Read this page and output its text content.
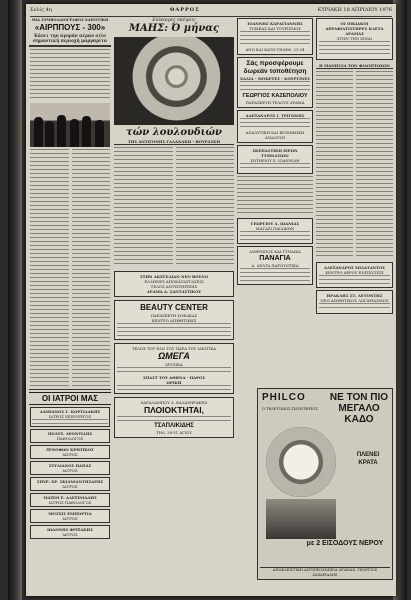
Σελίς 4η	ΘΑΡΡΟΣ	ΚΥΡΙΑΚΗ 18 ΑΠΡΙΛΙΟΥ 1976
ΜΙΑ ΣΥΜΒΟΛΑΙΟΓΡΑΦΟΣ ΧΑΡΙΣΤΙΚΗ
«ΑΙΡΠΠΟΥΣ - 300»
Κάνει την αγοράν αέραν οτίο σημαντική περιοχή μαργαρίτα
ΟΙ ΙΑΤΡΟΙ ΜΑΣ
ΔΑΜΙΑΝΟΣ Γ. ΚΟΡΤΙΔΑΚΗΣ
ΙΑΤΡΟΣ ΧΕΙΡΟΥΡΓΟΣ
ΠΟΛΥΞ. ΛΕΟΝΤΙΔΗΣ
ΠΑΘΟΛΟΓΟΣ
ΞΕΝΟΦΩΝ ΚΡΗΤΙΚΟΣ
ΙΑΤΡΟΣ
ΣΤΥΛΙΑΝΟΣ ΠΑΠΑΣ
ΙΑΤΡΟΣ
ΣΠΥΡ. ΧΡ. ΣΚΙΑΝΙΑΝΤΗΣΑΡΗΣ
ΙΑΤΡΟΣ
ΜΑΞΙΜ Ε. ΑΛΕΞΙΝΙΑΔΗΣ
ΙΑΤΡΟΣ ΠΑΘΟΛΟΓΟΣ
ΜΟΣΧΙΣ ΕΜΠΟΡΤΙΑ
ΙΑΤΡΟΣ
ΙΩΑΝΝΗΣ ΦΡΙΞΑΚΗΣ
ΙΑΤΡΟΣ
Επίκαιρες σκέψεις
ΜΑΗΣ: Ό μήνας
τών λουλουδιών
ΤΗΣ ΑΝΤΙΓΟΝΗΣ ΓΑΛΑΝΑΚΗ - ΒΟΥΡΑΣΚΗ
ΣΤΗΝ ΑΚΕΓΕΛΙΑΝ ΝΕΟ ΒΟΥΝΟ
ΕΛΛΗΝΕΣ ΑΠΟΚΑΤΑΣΤΑΣΕΙΣ
ΤΕΛΟΣ ΑΝΤΙΣΤΗΡΙΞΗΣ
ΔΡΑΜΑ Α. ΣΑΝΤΑΣΤΙΚΟΥ
BEAUTY CENTER
ΠΑΡΑΣΚΕΥΗ ΣΟΦΑΚΑΣ
ΚΕΝΤΡΟ ΑΙΣΘΗΤΙΚΗΣ
ΤΕΛΟΣ ΤΟΥ ΕΔΩ ΤΟΥ ΠΑΡΑ ΤΟΥ ΙΔΙΩΤΙΚΑ
ΩΜΕΓΑ
ΧΡΥΣΙΚΑ
ΣΠΑΣΤ ΤΟΥ ΑΘΗΝΑ - ΠΑΡΟΣ
ΩΡΙΚΗ
ΧΑΡΑΛΑΜΠΟΥ Δ. ΚΑΛΑΖΗΡΑΚΗΣ
ΠΛΟΙΟΚΤΗΤΑΙ,
ΤΣΑΠΛΙΚΙΔΗΣ
ΤΗΛ. 28-51 ΑΓΙΟΥ
ΙΟΑΝΝΗΣ ΚΑΡΑΓΙΑΝΝΗΣ
ΤΟΜΕΑΣ ΚΑΙ ΤΟΥΡΙΣΜΟΣ
ΑΝΩ ΚΑΙ ΚΑΤΩ ΤΗΛΕΦ. 23-24
Σάς προσφέρουμε δωρεάν τοποθέτηση
ΧΑΛΙΑ - ΜΟΚΕΤΕΣ - ΚΟΥΡΤΙΝΕΣ
ΓΕΩΡΓΙΟΣ ΚΑΖΕΠΟΛΙΟΥ
ΠΑΡΑΣΚΕΥΗ ΤΕΛΟΥΣ ΔΡΑΜΑ
ΑΛΕΞΑΝΔΡΟΣ Ι. ΤΡΙΓΩΝΗΣ
ΑΝΑΛΥΤΙΚΗ ΚΑΙ ΒΙΟΧΗΜΙΚΗ ΑΝΑΛΥΣΗ
ΣΚΕΠΑΣΤΙΚΗ ΙΕΡΩΝ ΓΥΜΝΑΣΙΩΝ
ΣΩΤΗΡΙΟΥ Χ. ΙΩΑΝΝΙΔΗ
ΓΕΩΡΓΙΟΥ Δ. ΙΩΑΝΙΑΣ
ΜΑΓΑΖΙ ΠΑΙΔΙΚΩΝ
ΑΝΘΡΩΠΟΣ ΚΑΙ ΓΥΝΑΙΚΑ
ΠΑΝΑΓΙΑ
Α. ΔΕΛΤΑ ΠΑΡΟΥΝΤΙΚΑ
ΟΙ ΟΙΚΙΑΚΟΙ ΑΕΡΑΦΙΑΤΙΣΤΗΡΕΣ ΚΛΕΤΑ ΔΡΑΜΑΣ
ΣΤΗΝ ΤΗΝ ΕΙΝΑΙ
Η ΜΑΝΗΣΣΑ ΤΩΝ ΦΙΛΟΠΤΩΧΩΝ
ΑΛΕΞΑΝΔΡΟΣ ΜΙΛΑΤΑΝΤΟΣ
ΚΕΝΤΡΟ ΑΕΡΟΥ ΕΝΙΣΧΥΣΕΙΣ
ΗΡΑΚΛΗΣ ΣΤ. ΛΕΤΟΝΤΗΣ
ΝΕΟ ΑΙΣΘΗΤΙΚΟΣ ΛΟΓΑΡΙΑΣΜΟΣ
PHILCO ΝΕ ΤΟΝ ΠΙΟ ΜΕΓΑΛΟ ΚΑΔΟ
ΠΛΕΝΕΙ
ΚΡΑΤΑ
Ο ΤΕΛΕΥΤΑΙΟΣ ΠΛΥΝΤΗΡΙΟΣ
με 2 ΕΙΣΟΔΟΥΣ ΝΕΡΟΥ
ΑΠΟΚΛΕΙΣΤΙΚΗ ΑΝΤΙΠΡΟΣΩΠΕΙΑ ΔΡΑΜΑΣ: ΓΕΩΡΓΙΟΣ ΖΑΧΑΡΙΑΔΗΣ
